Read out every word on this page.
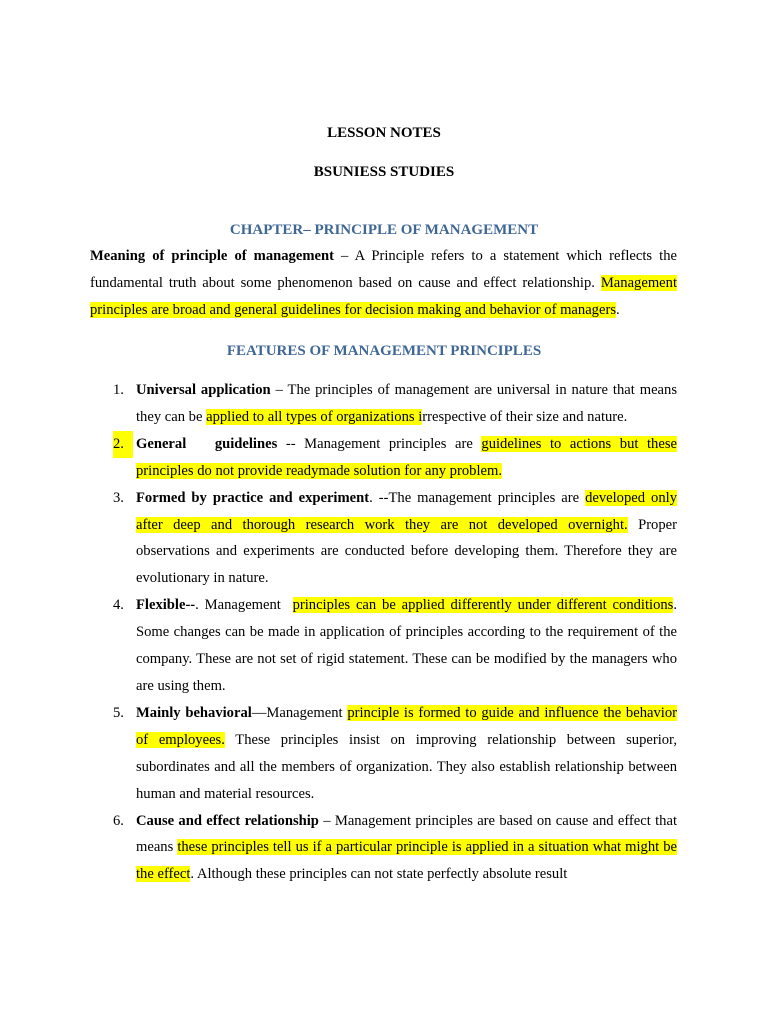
LESSON NOTES
BSUNIESS STUDIES
CHAPTER– PRINCIPLE OF MANAGEMENT

Meaning of principle of management – A Principle refers to a statement which reflects the fundamental truth about some phenomenon based on cause and effect relationship. Management principles are broad and general guidelines for decision making and behavior of managers.

FEATURES OF MANAGEMENT PRINCIPLES
1. Universal application – The principles of management are universal in nature that means they can be applied to all types of organizations irrespective of their size and nature.
2. General guidelines -- Management principles are guidelines to actions but these principles do not provide readymade solution for any problem.
3. Formed by practice and experiment. --The management principles are developed only after deep and thorough research work they are not developed overnight. Proper observations and experiments are conducted before developing them. Therefore they are evolutionary in nature.
4. Flexible--. Management  principles can be applied differently under different conditions. Some changes can be made in application of principles according to the requirement of the company. These are not set of rigid statement. These can be modified by the managers who are using them.
5. Mainly behavioral—Management principle is formed to guide and influence the behavior of employees. These principles insist on improving relationship between superior, subordinates and all the members of organization. They also establish relationship between human and material resources.
6. Cause and effect relationship – Management principles are based on cause and effect that means these principles tell us if a particular principle is applied in a situation what might be the effect. Although these principles can not state perfectly absolute result
